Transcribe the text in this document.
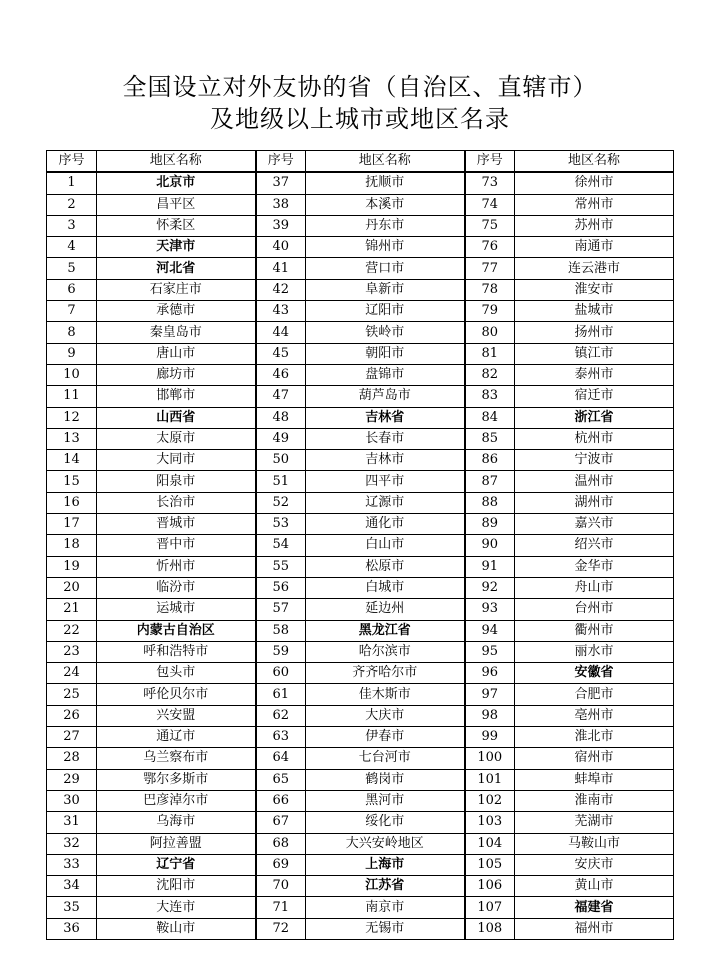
全国设立对外友协的省（自治区、直辖市）
及地级以上城市或地区名录
序号	地区名称	序号	地区名称	序号	地区名称
1	北京市	37	抚顺市	73	徐州市
2	昌平区	38	本溪市	74	常州市
3	怀柔区	39	丹东市	75	苏州市
4	天津市	40	锦州市	76	南通市
5	河北省	41	营口市	77	连云港市
6	石家庄市	42	阜新市	78	淮安市
7	承德市	43	辽阳市	79	盐城市
8	秦皇岛市	44	铁岭市	80	扬州市
9	唐山市	45	朝阳市	81	镇江市
10	廊坊市	46	盘锦市	82	泰州市
11	邯郸市	47	葫芦岛市	83	宿迁市
12	山西省	48	吉林省	84	浙江省
13	太原市	49	长春市	85	杭州市
14	大同市	50	吉林市	86	宁波市
15	阳泉市	51	四平市	87	温州市
16	长治市	52	辽源市	88	湖州市
17	晋城市	53	通化市	89	嘉兴市
18	晋中市	54	白山市	90	绍兴市
19	忻州市	55	松原市	91	金华市
20	临汾市	56	白城市	92	舟山市
21	运城市	57	延边州	93	台州市
22	内蒙古自治区	58	黑龙江省	94	衢州市
23	呼和浩特市	59	哈尔滨市	95	丽水市
24	包头市	60	齐齐哈尔市	96	安徽省
25	呼伦贝尔市	61	佳木斯市	97	合肥市
26	兴安盟	62	大庆市	98	亳州市
27	通辽市	63	伊春市	99	淮北市
28	乌兰察布市	64	七台河市	100	宿州市
29	鄂尔多斯市	65	鹤岗市	101	蚌埠市
30	巴彦淖尔市	66	黑河市	102	淮南市
31	乌海市	67	绥化市	103	芜湖市
32	阿拉善盟	68	大兴安岭地区	104	马鞍山市
33	辽宁省	69	上海市	105	安庆市
34	沈阳市	70	江苏省	106	黄山市
35	大连市	71	南京市	107	福建省
36	鞍山市	72	无锡市	108	福州市
